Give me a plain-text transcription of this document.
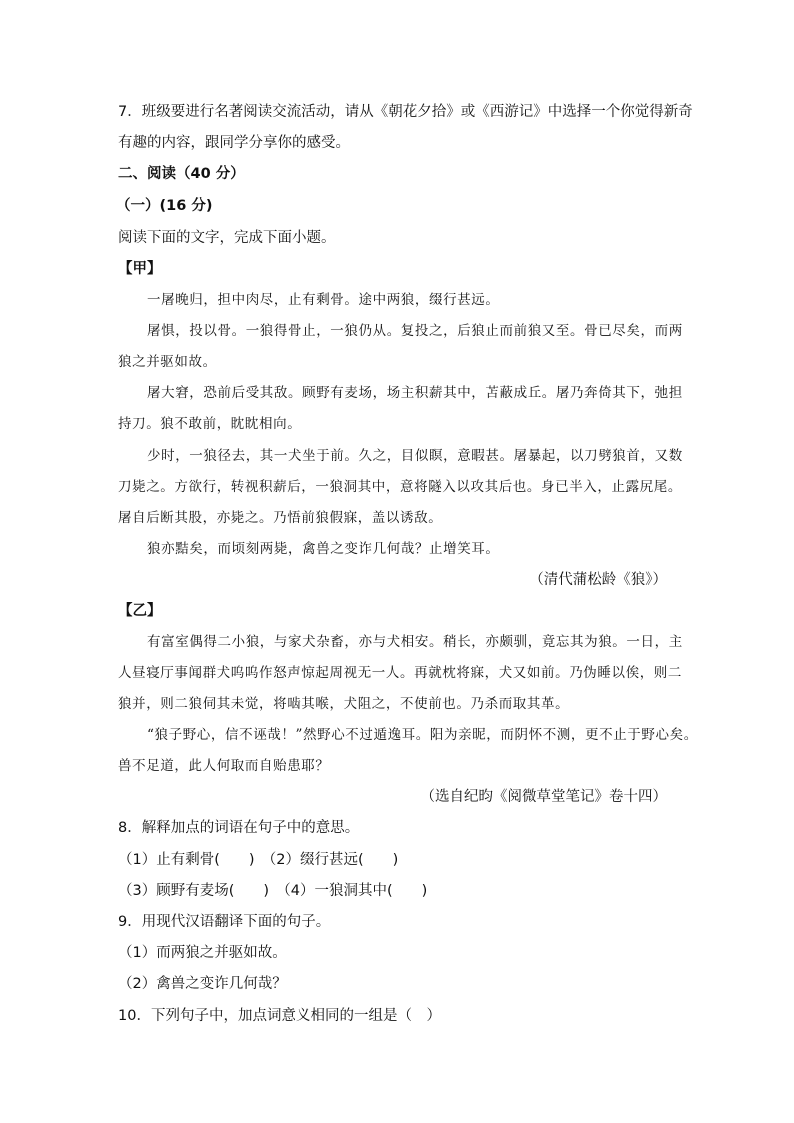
7．班级要进行名著阅读交流活动，请从《朝花夕拾》或《西游记》中选择一个你觉得新奇
有趣的内容，跟同学分享你的感受。
二、阅读（40 分）
（一）(16 分)
阅读下面的文字，完成下面小题。
【甲】
一屠晚归，担中肉尽，止有剩骨。途中两狼，缀行甚远。
屠惧，投以骨。一狼得骨止，一狼仍从。复投之，后狼止而前狼又至。骨已尽矣，而两
狼之并驱如故。
屠大窘，恐前后受其敌。顾野有麦场，场主积薪其中，苫蔽成丘。屠乃奔倚其下，弛担
持刀。狼不敢前，眈眈相向。
少时，一狼径去，其一犬坐于前。久之，目似瞑，意暇甚。屠暴起，以刀劈狼首，又数
刀毙之。方欲行，转视积薪后，一狼洞其中，意将隧入以攻其后也。身已半入，止露尻尾。
屠自后断其股，亦毙之。乃悟前狼假寐，盖以诱敌。
狼亦黠矣，而顷刻两毙，禽兽之变诈几何哉？止增笑耳。
（清代蒲松龄《狼》）
【乙】
有富室偶得二小狼，与家犬杂畜，亦与犬相安。稍长，亦颇驯，竟忘其为狼。一日，主
人昼寝厅事闻群犬呜呜作怒声惊起周视无一人。再就枕将寐，犬又如前。乃伪睡以俟，则二
狼并，则二狼伺其未觉，将啮其喉，犬阻之，不使前也。乃杀而取其革。
“狼子野心，信不诬哉！”然野心不过遁逸耳。阳为亲昵，而阴怀不测，更不止于野心矣。
兽不足道，此人何取而自贻患耶？
（选自纪昀《阅微草堂笔记》卷十四）
8．解释加点的词语在句子中的意思。
（1）止有剩骨(　　)　（2）缀行甚远(　　)
（3）顾野有麦场(　　)　（4）一狼洞其中(　　)
9．用现代汉语翻译下面的句子。
（1）而两狼之并驱如故。
（2）禽兽之变诈几何哉？
10．下列句子中，加点词意义相同的一组是（　）
